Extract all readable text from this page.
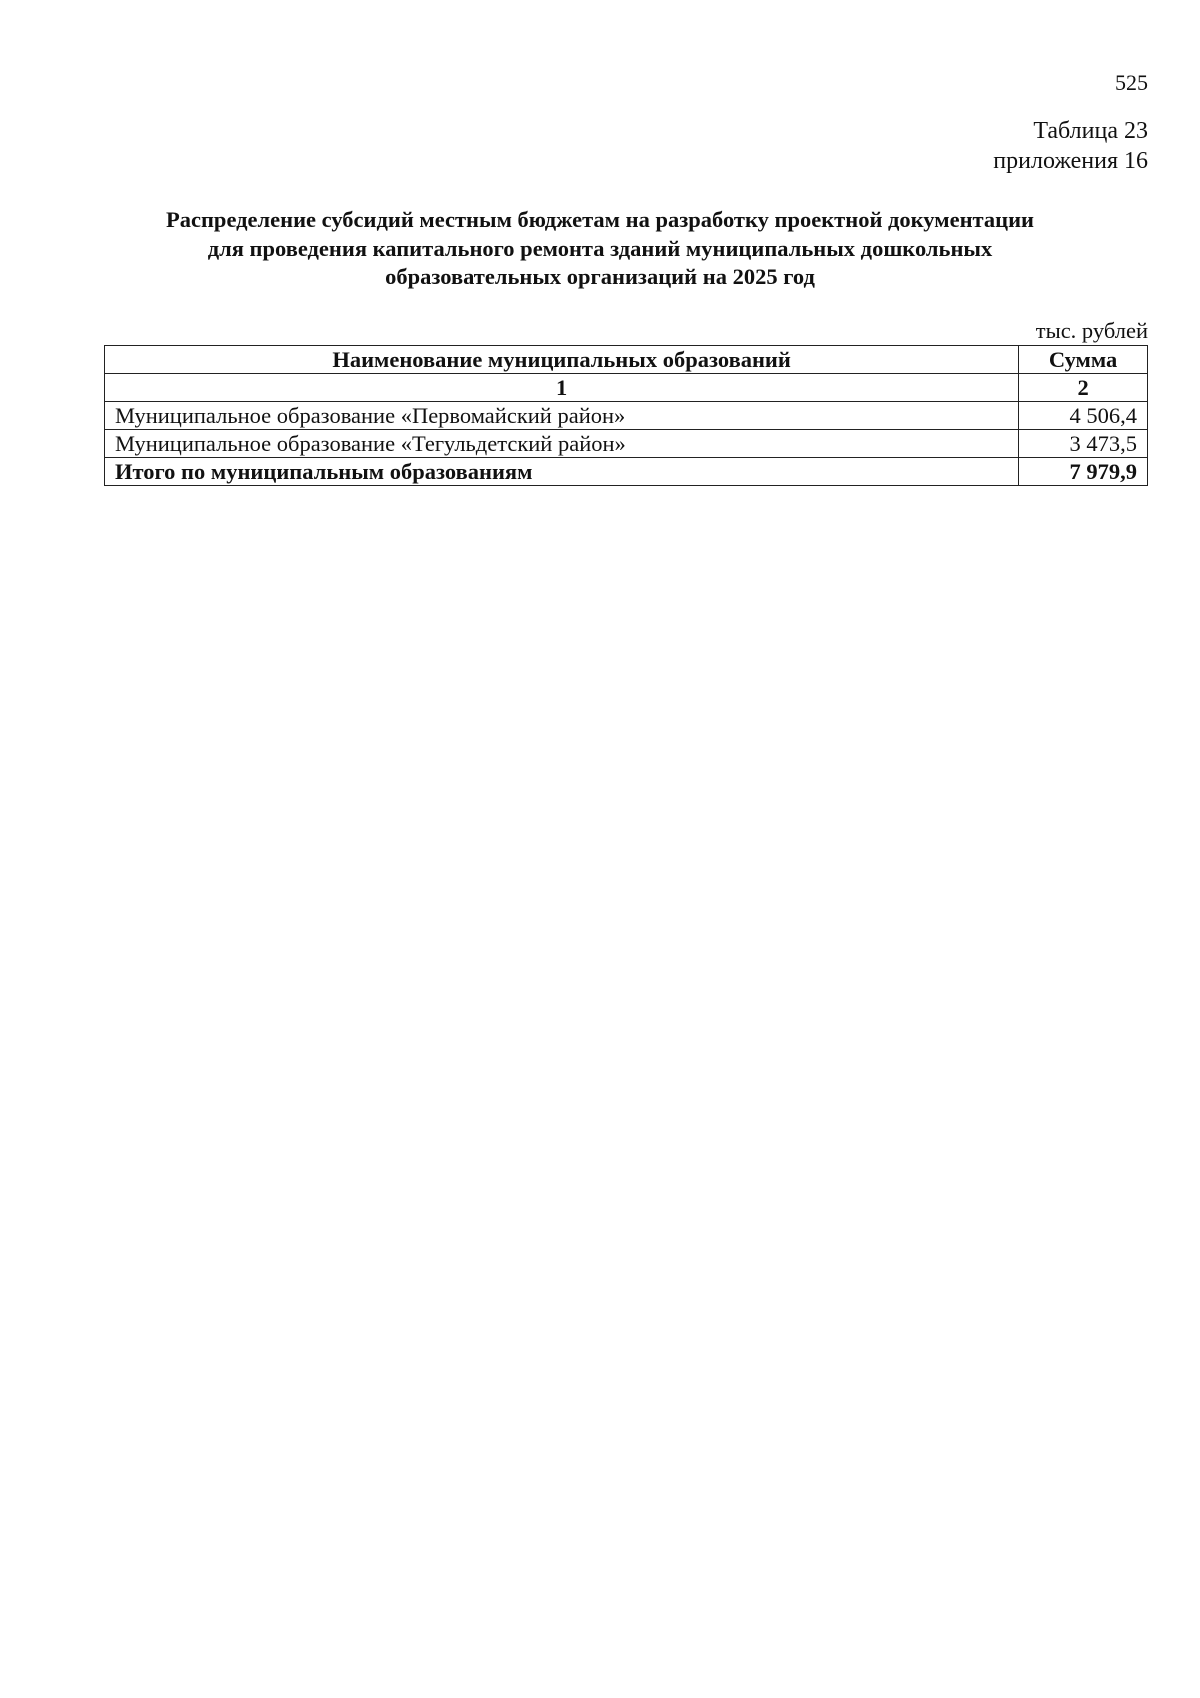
525
Таблица 23
приложения 16
Распределение субсидий местным бюджетам на разработку проектной документации
для проведения капитального ремонта зданий муниципальных дошкольных
образовательных организаций на 2025 год
тыс. рублей
Наименование муниципальных образований	Сумма
1	2
Муниципальное образование «Первомайский район»	4 506,4
Муниципальное образование «Тегульдетский район»	3 473,5
Итого по муниципальным образованиям	7 979,9
